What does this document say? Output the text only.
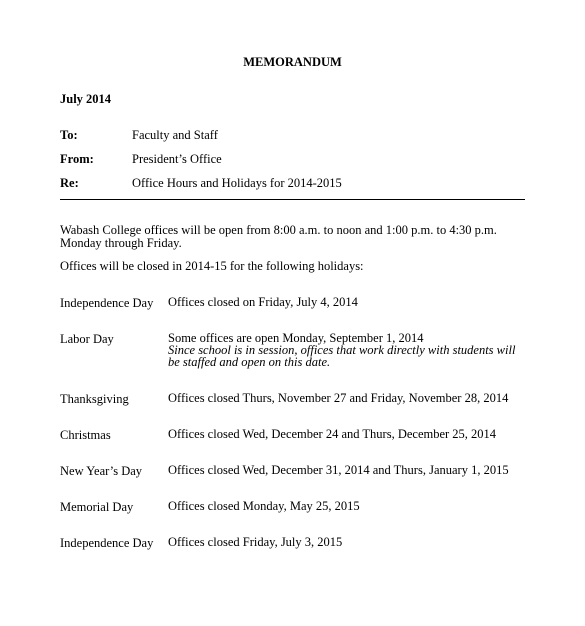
MEMORANDUM
July 2014
To:	Faculty and Staff
From:	President’s Office
Re:	Office Hours and Holidays for 2014-2015
Wabash College offices will be open from 8:00 a.m. to noon and 1:00 p.m. to 4:30 p.m. Monday through Friday.
Offices will be closed in 2014-15 for the following holidays:
Independence Day Offices closed on Friday, July 4, 2014
Labor Day	Some offices are open Monday, September 1, 2014
Since school is in session, offices that work directly with students will be staffed and open on this date.
Thanksgiving	Offices closed Thurs, November 27 and Friday, November 28, 2014
Christmas	Offices closed Wed, December 24 and Thurs, December 25, 2014
New Year’s Day Offices closed Wed, December 31, 2014 and Thurs, January 1, 2015
Memorial Day	Offices closed Monday, May 25, 2015
Independence Day Offices closed Friday, July 3, 2015
